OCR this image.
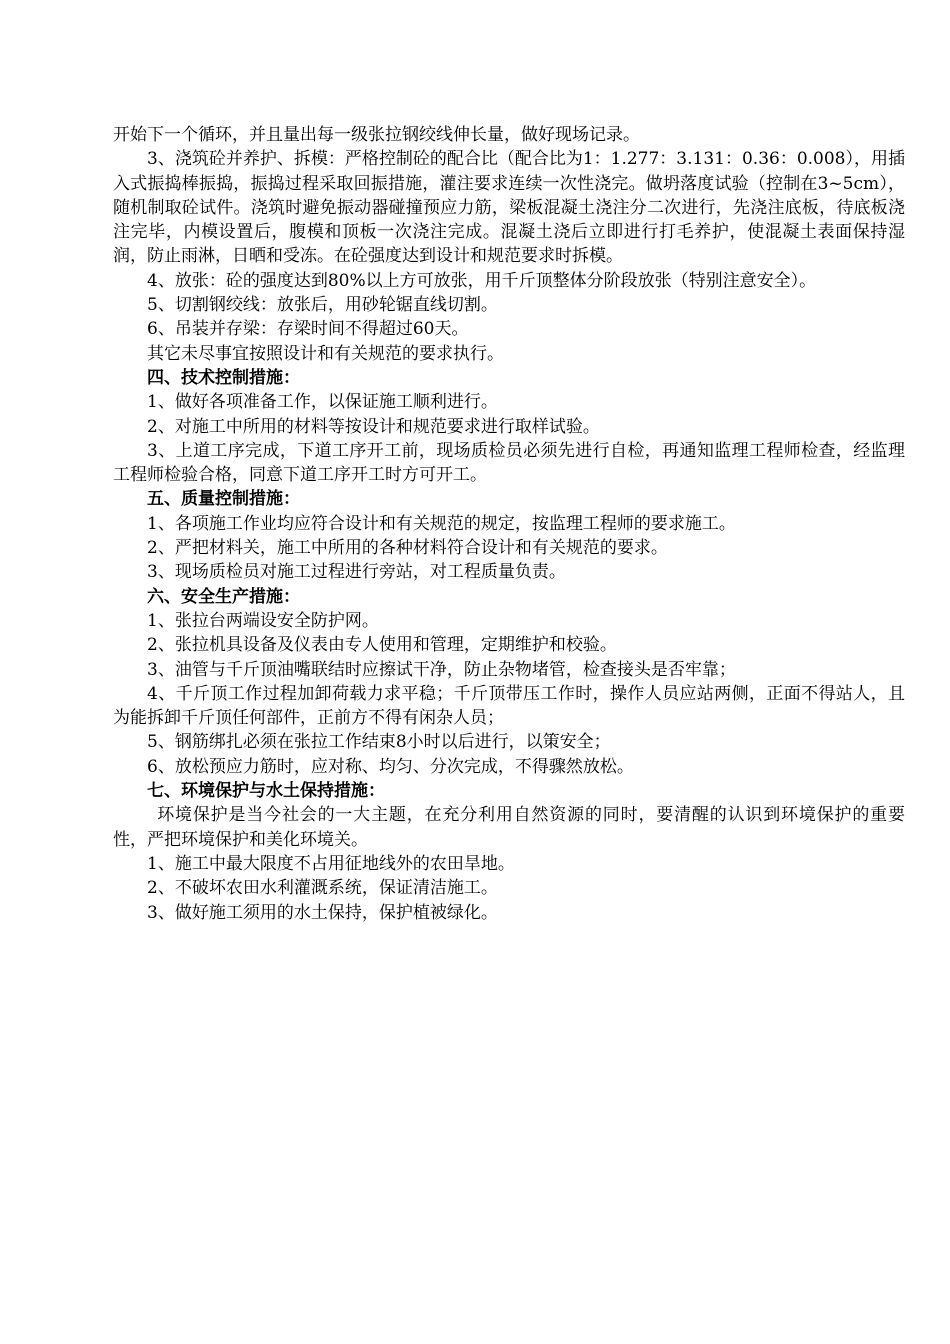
开始下一个循环，并且量出每一级张拉钢绞线伸长量，做好现场记录。

3、浇筑砼并养护、拆模：严格控制砼的配合比（配合比为1：1.277：3.131：0.36：0.008），用插入式振捣棒振捣，振捣过程采取回振措施，灌注要求连续一次性浇完。做坍落度试验（控制在3~5cm），随机制取砼试件。浇筑时避免振动器碰撞预应力筋，梁板混凝土浇注分二次进行，先浇注底板，待底板浇注完毕，内模设置后，腹模和顶板一次浇注完成。混凝土浇后立即进行打毛养护，使混凝土表面保持湿润，防止雨淋，日晒和受冻。在砼强度达到设计和规范要求时拆模。

4、放张：砼的强度达到80%以上方可放张，用千斤顶整体分阶段放张（特别注意安全）。

5、切割钢绞线：放张后，用砂轮锯直线切割。

6、吊装并存梁：存梁时间不得超过60天。

其它未尽事宜按照设计和有关规范的要求执行。

四、技术控制措施：

1、做好各项准备工作，以保证施工顺利进行。

2、对施工中所用的材料等按设计和规范要求进行取样试验。

3、上道工序完成，下道工序开工前，现场质检员必须先进行自检，再通知监理工程师检查，经监理工程师检验合格，同意下道工序开工时方可开工。

五、质量控制措施：

1、各项施工作业均应符合设计和有关规范的规定，按监理工程师的要求施工。

2、严把材料关，施工中所用的各种材料符合设计和有关规范的要求。

3、现场质检员对施工过程进行旁站，对工程质量负责。

六、安全生产措施：

1、张拉台两端设安全防护网。

2、张拉机具设备及仪表由专人使用和管理，定期维护和校验。

3、油管与千斤顶油嘴联结时应擦试干净，防止杂物堵管，检查接头是否牢靠；

4、千斤顶工作过程加卸荷载力求平稳；千斤顶带压工作时，操作人员应站两侧，正面不得站人，且为能拆卸千斤顶任何部件，正前方不得有闲杂人员；

5、钢筋绑扎必须在张拉工作结束8小时以后进行，以策安全；

6、放松预应力筋时，应对称、均匀、分次完成，不得骤然放松。

七、环境保护与水土保持措施：

环境保护是当今社会的一大主题，在充分利用自然资源的同时，要清醒的认识到环境保护的重要性，严把环境保护和美化环境关。

1、施工中最大限度不占用征地线外的农田旱地。

2、不破坏农田水利灌溉系统，保证清洁施工。

3、做好施工须用的水土保持，保护植被绿化。
